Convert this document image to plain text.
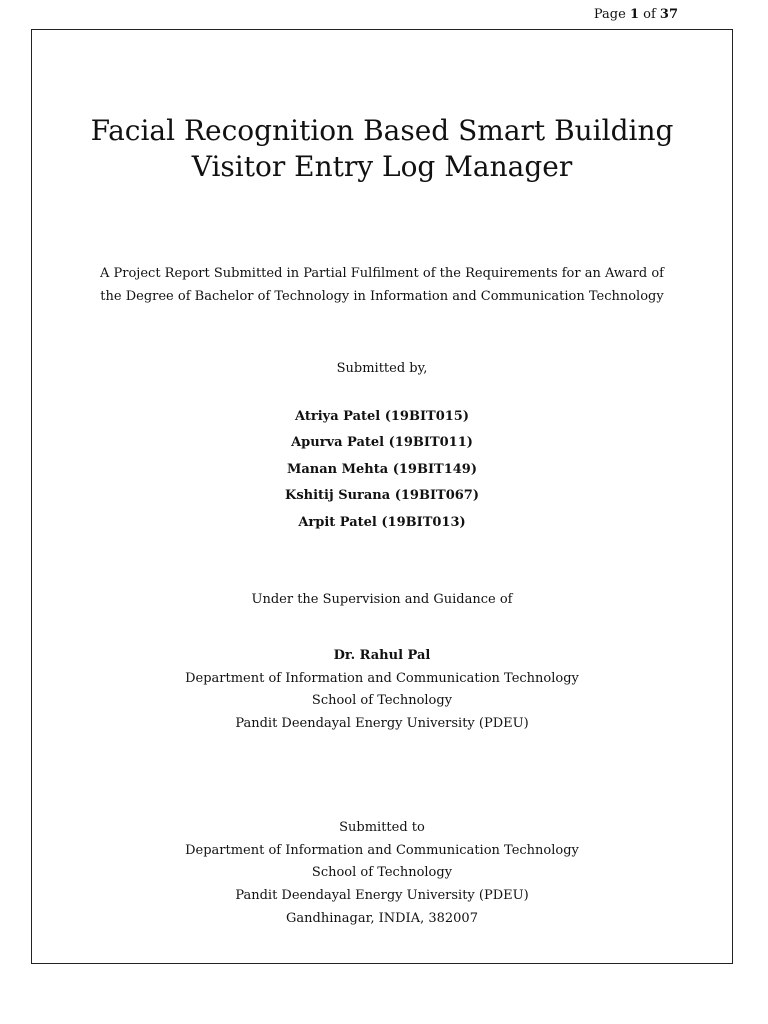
Page 1 of 37
Facial Recognition Based Smart Building
Visitor Entry Log Manager
A Project Report Submitted in Partial Fulfilment of the Requirements for an Award of
the Degree of Bachelor of Technology in Information and Communication Technology
Submitted by,
Atriya Patel (19BIT015)
Apurva Patel (19BIT011)
Manan Mehta (19BIT149)
Kshitij Surana (19BIT067)
Arpit Patel (19BIT013)
Under the Supervision and Guidance of
Dr. Rahul Pal
Department of Information and Communication Technology
School of Technology
Pandit Deendayal Energy University (PDEU)
Submitted to
Department of Information and Communication Technology
School of Technology
Pandit Deendayal Energy University (PDEU)
Gandhinagar, INDIA, 382007
